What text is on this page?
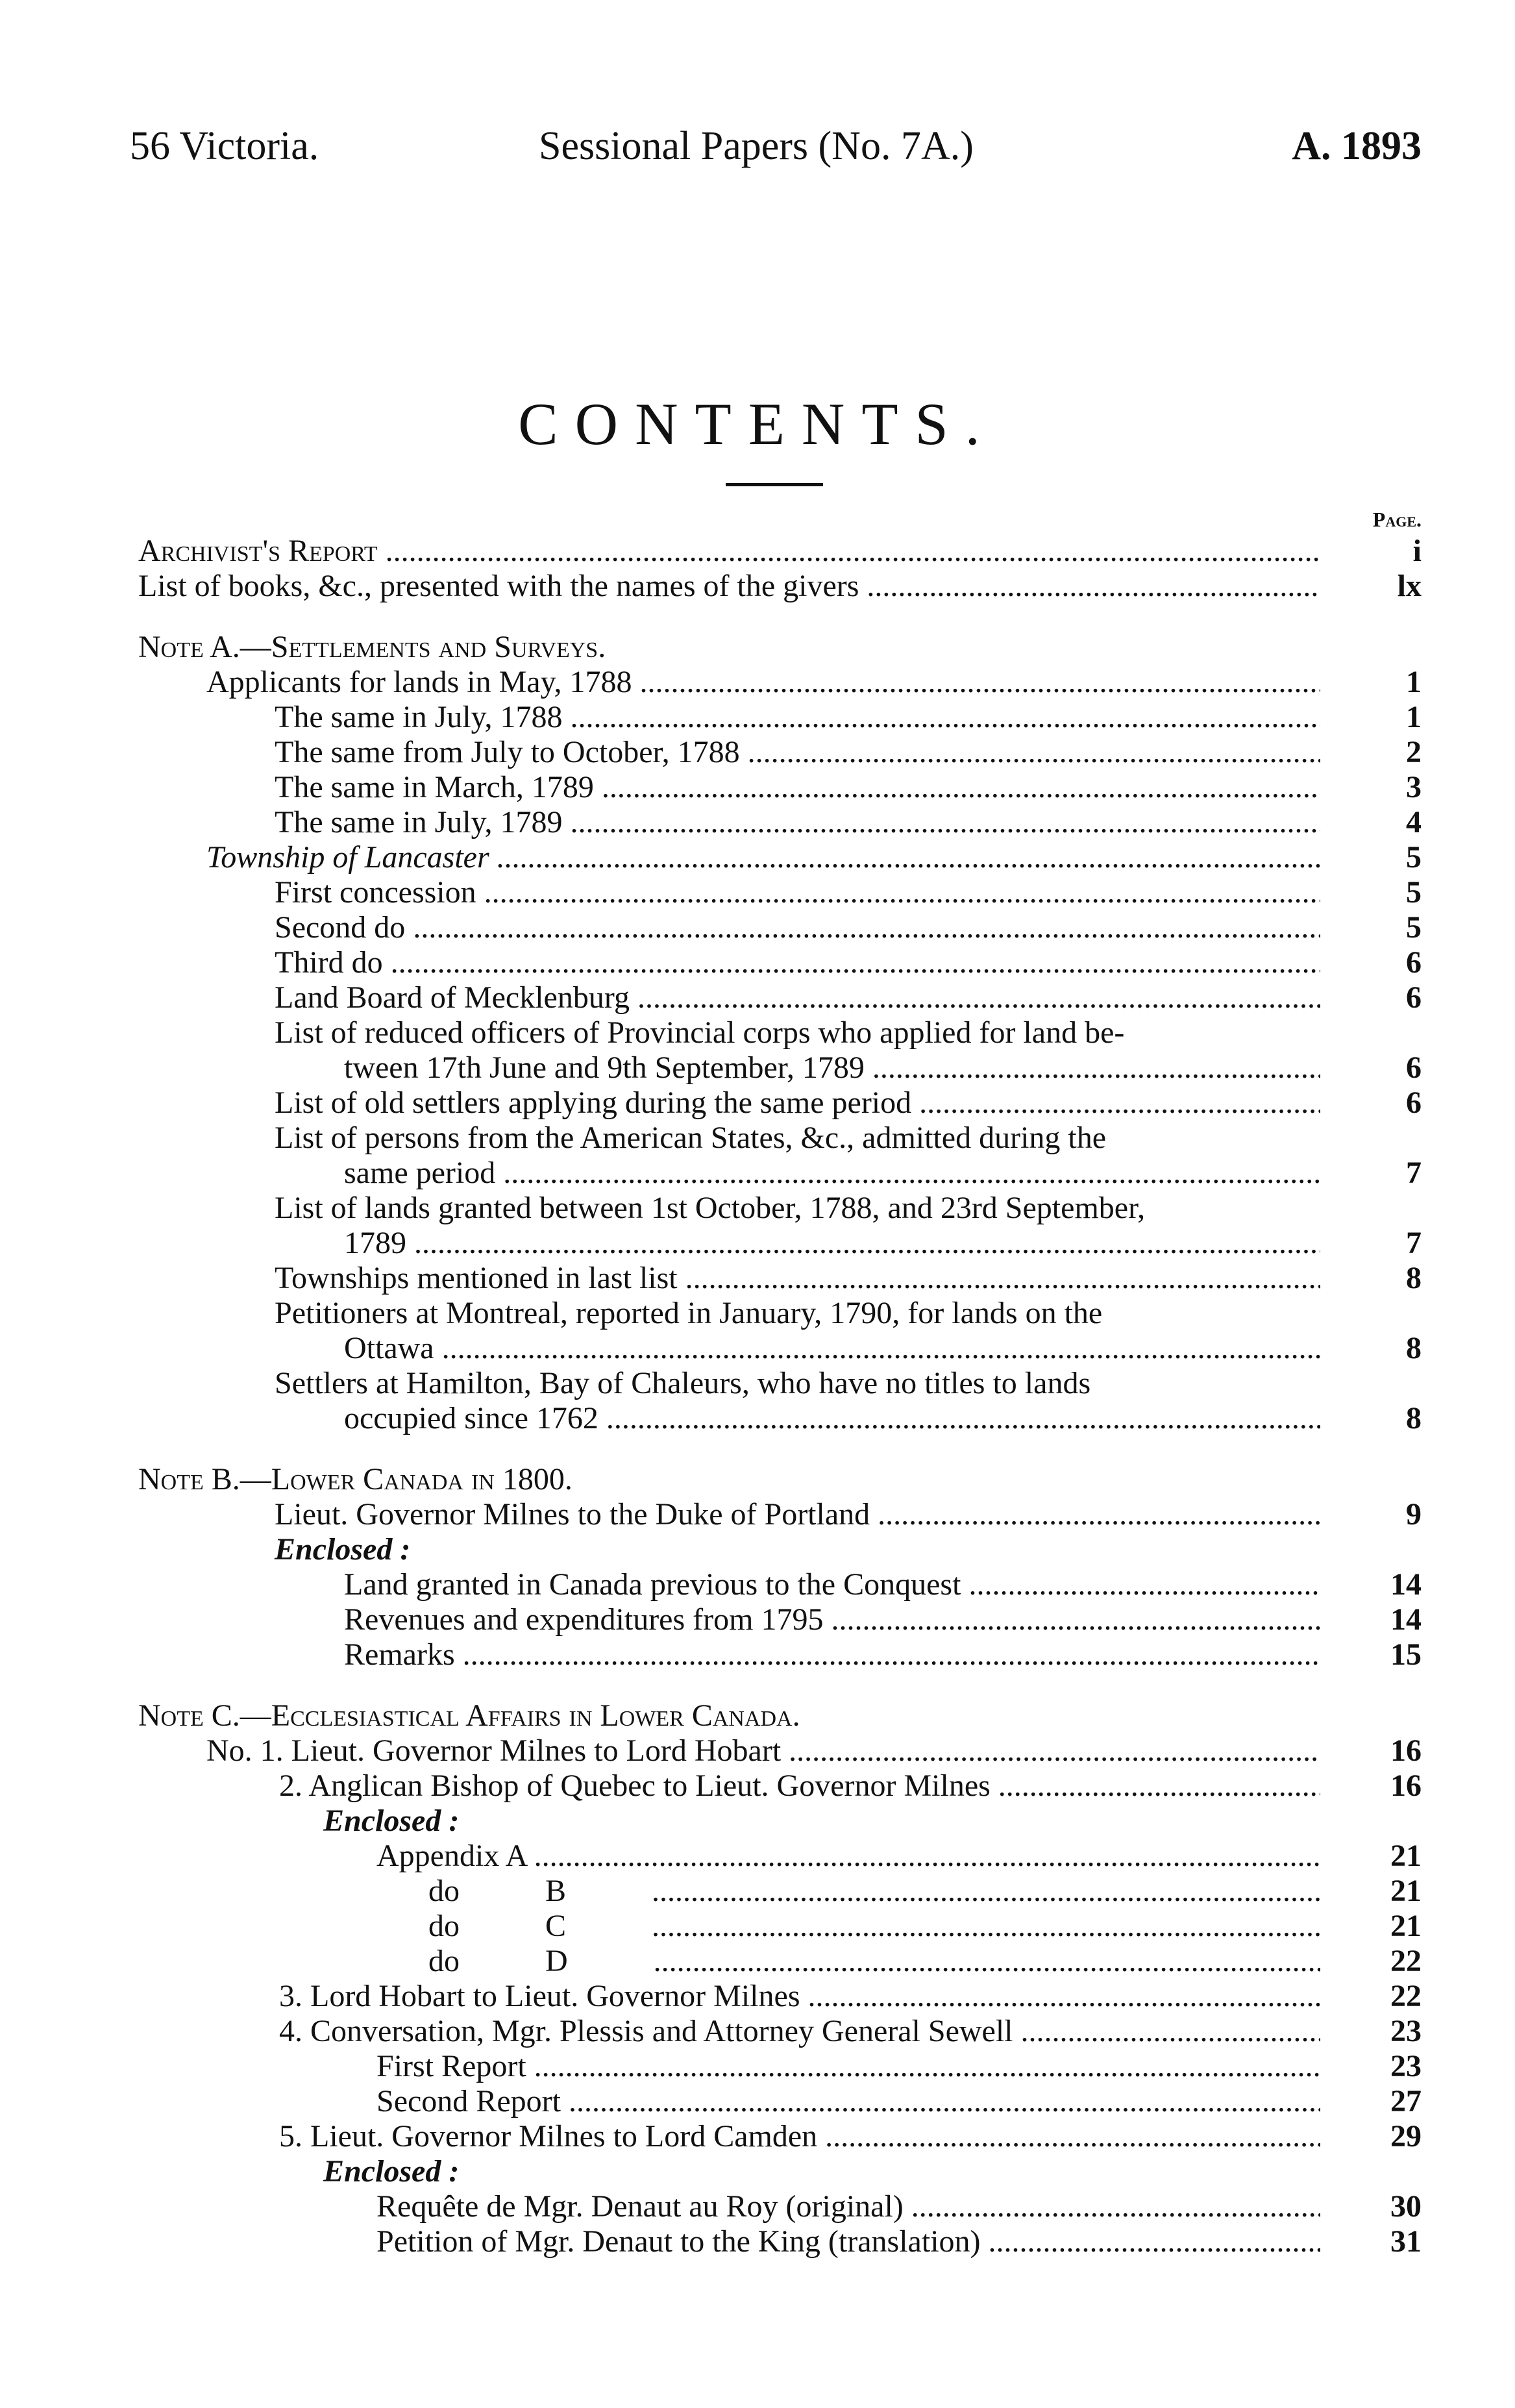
56 Victoria.	Sessional Papers (No. 7A.)	A. 1893
CONTENTS.
Page.
Archivist's Report .....	i
List of books, &c., presented with the names of the givers .....	lx
Note A.—Settlements and Surveys.
Applicants for lands in May, 1788 .....	1
The same in July, 1788 .....	1
The same from July to October, 1788 .....	2
The same in March, 1789 .....	3
The same in July, 1789 .....	4
Township of Lancaster .....	5
First concession .....	5
Second do .....	5
Third do .....	6
Land Board of Mecklenburg .....	6
List of reduced officers of Provincial corps who applied for land be-
tween 17th June and 9th September, 1789 .....	6
List of old settlers applying during the same period .....	6
List of persons from the American States, &c., admitted during the
same period .....	7
List of lands granted between 1st October, 1788, and 23rd September,
1789 .....	7
Townships mentioned in last list .....	8
Petitioners at Montreal, reported in January, 1790, for lands on the
Ottawa .....	8
Settlers at Hamilton, Bay of Chaleurs, who have no titles to lands
occupied since 1762 .....	8
Note B.—Lower Canada in 1800.
Lieut. Governor Milnes to the Duke of Portland .....	9
Enclosed :
Land granted in Canada previous to the Conquest .....	14
Revenues and expenditures from 1795 .....	14
Remarks .....	15
Note C.—Ecclesiastical Affairs in Lower Canada.
No. 1. Lieut. Governor Milnes to Lord Hobart .....	16
2. Anglican Bishop of Quebec to Lieut. Governor Milnes .....	16
Enclosed :
Appendix A .....	21
do B .....	21
do C .....	21
do D .....	22
3. Lord Hobart to Lieut. Governor Milnes .....	22
4. Conversation, Mgr. Plessis and Attorney General Sewell .....	23
First Report .....	23
Second Report .....	27
5. Lieut. Governor Milnes to Lord Camden .....	29
Enclosed :
Requête de Mgr. Denaut au Roy (original) .....	30
Petition of Mgr. Denaut to the King (translation) .....	31
